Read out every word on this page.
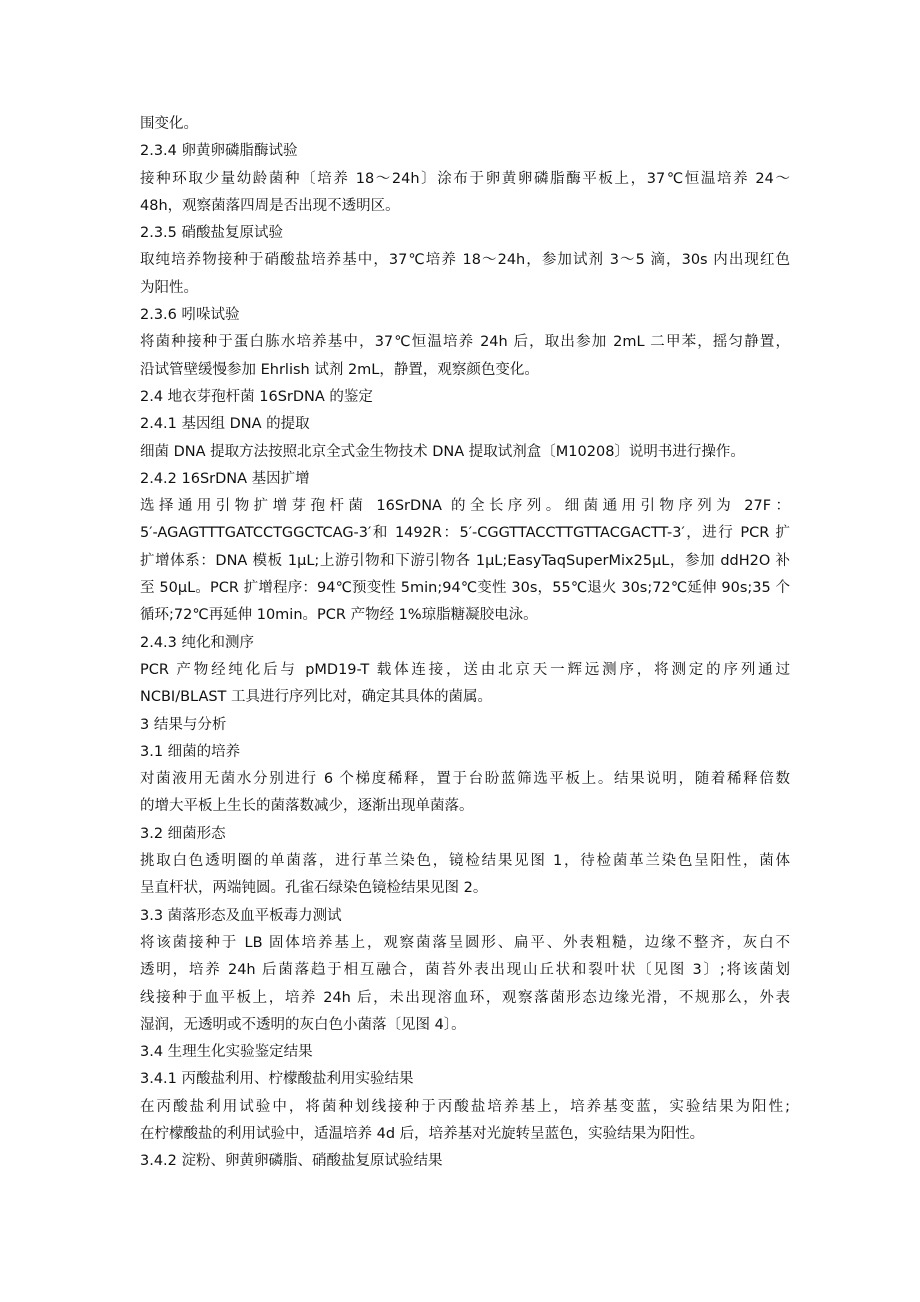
围变化。
2.3.4 卵黄卵磷脂酶试验
接种环取少量幼龄菌种〔培养 18～24h〕涂布于卵黄卵磷脂酶平板上，37℃恒温培养 24～
48h，观察菌落四周是否出现不透明区。
2.3.5 硝酸盐复原试验
取纯培养物接种于硝酸盐培养基中，37℃培养 18～24h，参加试剂 3～5 滴，30s 内出现红色
为阳性。
2.3.6 吲哚试验
将菌种接种于蛋白胨水培养基中，37℃恒温培养 24h 后，取出参加 2mL 二甲苯，摇匀静置，
沿试管壁缓慢参加 Ehrlish 试剂 2mL，静置，观察颜色变化。
2.4 地衣芽孢杆菌 16SrDNA 的鉴定
2.4.1 基因组 DNA 的提取
细菌 DNA 提取方法按照北京全式金生物技术 DNA 提取试剂盒〔M10208〕说明书进行操作。
2.4.2 16SrDNA 基因扩增
选择通用引物扩增芽孢杆菌 16SrDNA 的全长序列。细菌通用引物序列为 27F：
5′-AGAGTTTGATCCTGGCTCAG-3′和 1492R：5′-CGGTTACCTTGTTACGACTT-3′，进行 PCR 扩
扩增体系：DNA 模板 1μL;上游引物和下游引物各 1μL;EasyTaqSuperMix25μL，参加 ddH2O 补
至 50μL。PCR 扩增程序：94℃预变性 5min;94℃变性 30s，55℃退火 30s;72℃延伸 90s;35 个
循环;72℃再延伸 10min。PCR 产物经 1%琼脂糖凝胶电泳。
2.4.3 纯化和测序
PCR 产物经纯化后与 pMD19-T 载体连接，送由北京天一辉远测序，将测定的序列通过
NCBI/BLAST 工具进行序列比对，确定其具体的菌属。
3 结果与分析
3.1 细菌的培养
对菌液用无菌水分别进行 6 个梯度稀释，置于台盼蓝筛选平板上。结果说明，随着稀释倍数
的增大平板上生长的菌落数减少，逐渐出现单菌落。
3.2 细菌形态
挑取白色透明圈的单菌落，进行革兰染色，镜检结果见图 1，待检菌革兰染色呈阳性，菌体
呈直杆状，两端钝圆。孔雀石绿染色镜检结果见图 2。
3.3 菌落形态及血平板毒力测试
将该菌接种于 LB 固体培养基上，观察菌落呈圆形、扁平、外表粗糙，边缘不整齐，灰白不
透明，培养 24h 后菌落趋于相互融合，菌苔外表出现山丘状和裂叶状〔见图 3〕;将该菌划
线接种于血平板上，培养 24h 后，未出现溶血环，观察落菌形态边缘光滑，不规那么，外表
湿润，无透明或不透明的灰白色小菌落〔见图 4〕。
3.4 生理生化实验鉴定结果
3.4.1 丙酸盐利用、柠檬酸盐利用实验结果
在丙酸盐利用试验中，将菌种划线接种于丙酸盐培养基上，培养基变蓝，实验结果为阳性;
在柠檬酸盐的利用试验中，适温培养 4d 后，培养基对光旋转呈蓝色，实验结果为阳性。
3.4.2 淀粉、卵黄卵磷脂、硝酸盐复原试验结果
